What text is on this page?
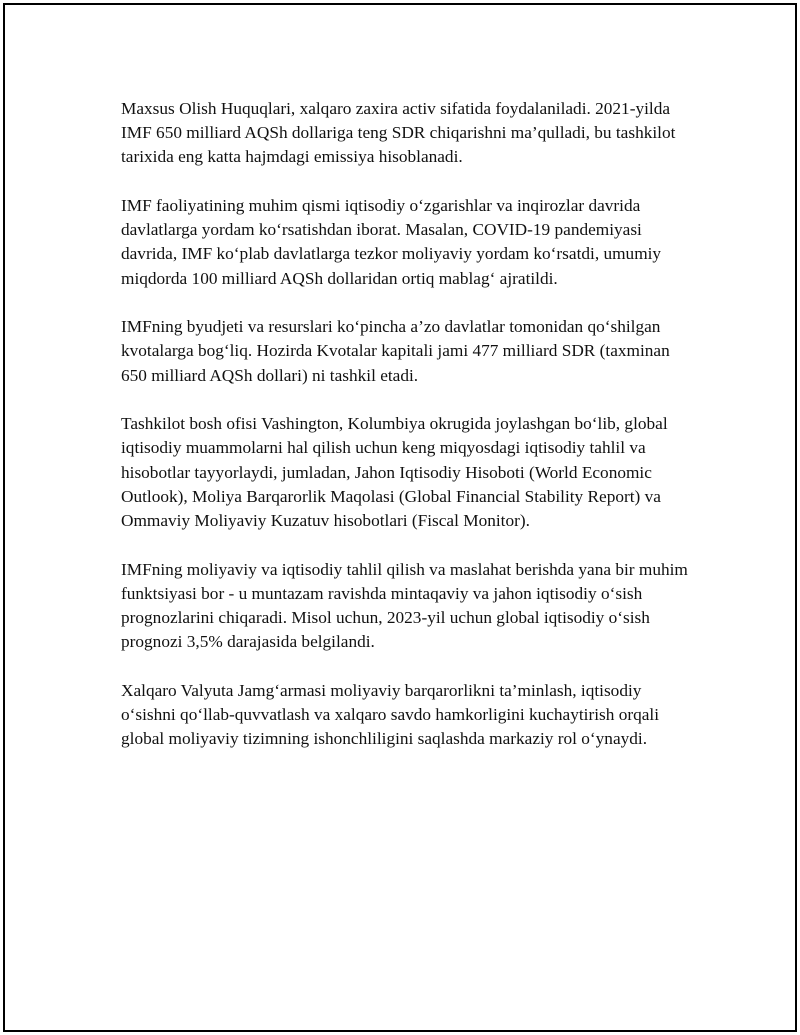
Maxsus Olish Huquqlari, xalqaro zaxira activ sifatida foydalaniladi. 2021-yilda IMF 650 milliard AQSh dollariga teng SDR chiqarishni ma’qulladi, bu tashkilot tarixida eng katta hajmdagi emissiya hisoblanadi.

IMF faoliyatining muhim qismi iqtisodiy o‘zgarishlar va inqirozlar davrida davlatlarga yordam ko‘rsatishdan iborat. Masalan, COVID-19 pandemiyasi davrida, IMF ko‘plab davlatlarga tezkor moliyaviy yordam ko‘rsatdi, umumiy miqdorda 100 milliard AQSh dollaridan ortiq mablag‘ ajratildi.

IMFning byudjeti va resurslari ko‘pincha a’zo davlatlar tomonidan qo‘shilgan kvotalarga bog‘liq. Hozirda Kvotalar kapitali jami 477 milliard SDR (taxminan 650 milliard AQSh dollari) ni tashkil etadi.

Tashkilot bosh ofisi Vashington, Kolumbiya okrugida joylashgan bo‘lib, global iqtisodiy muammolarni hal qilish uchun keng miqyosdagi iqtisodiy tahlil va hisobotlar tayyorlaydi, jumladan, Jahon Iqtisodiy Hisoboti (World Economic Outlook), Moliya Barqarorlik Maqolasi (Global Financial Stability Report) va Ommaviy Moliyaviy Kuzatuv hisobotlari (Fiscal Monitor).

IMFning moliyaviy va iqtisodiy tahlil qilish va maslahat berishda yana bir muhim funktsiyasi bor - u muntazam ravishda mintaqaviy va jahon iqtisodiy o‘sish prognozlarini chiqaradi. Misol uchun, 2023-yil uchun global iqtisodiy o‘sish prognozi 3,5% darajasida belgilandi.

Xalqaro Valyuta Jamg‘armasi moliyaviy barqarorlikni ta’minlash, iqtisodiy o‘sishni qo‘llab-quvvatlash va xalqaro savdo hamkorligini kuchaytirish orqali global moliyaviy tizimning ishonchliligini saqlashda markaziy rol o‘ynaydi.
